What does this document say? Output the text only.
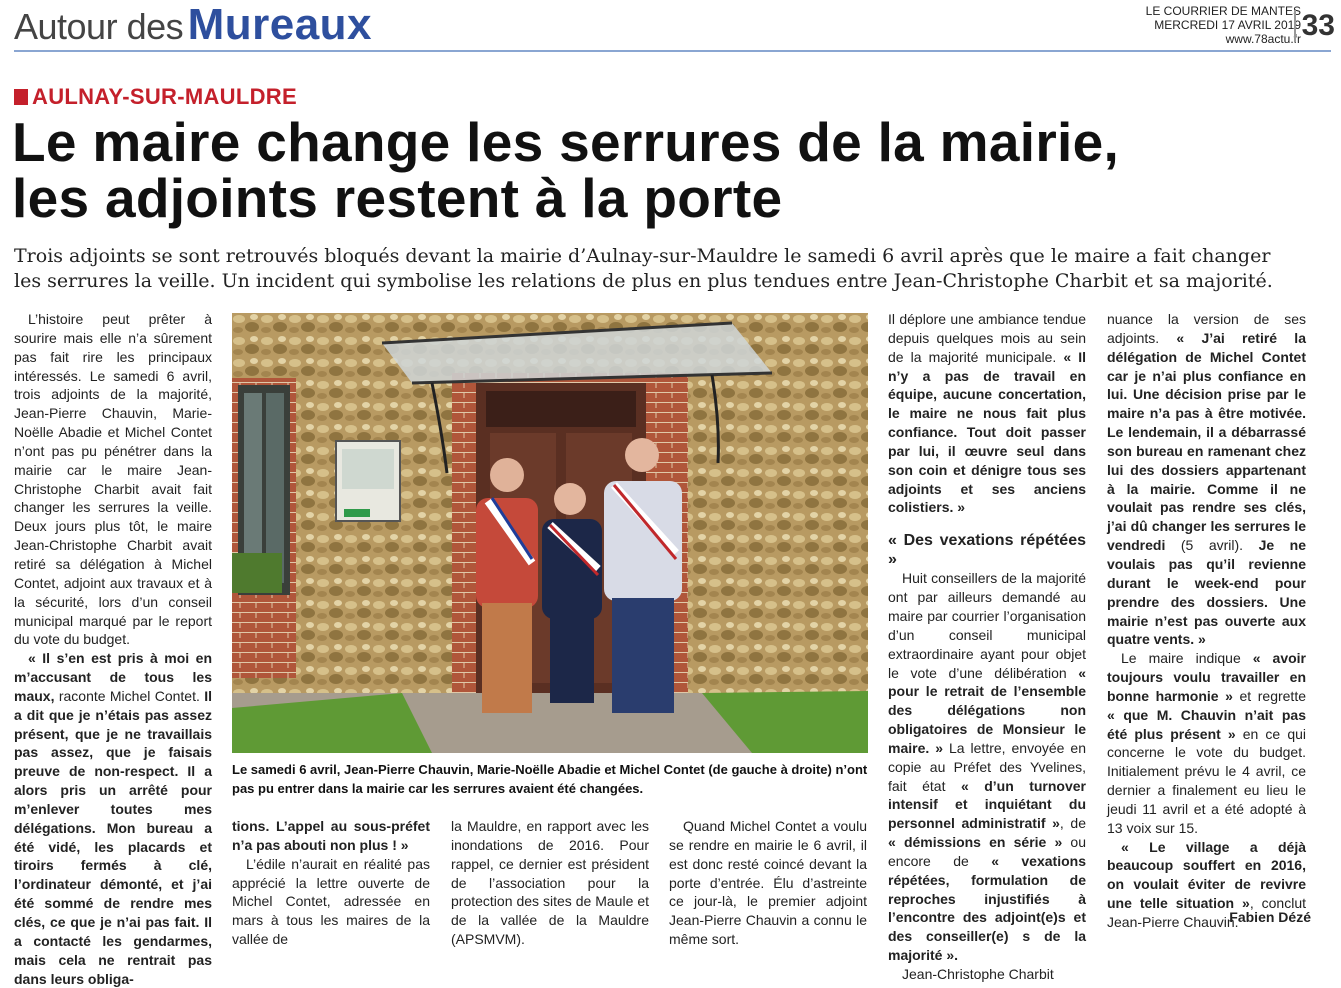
Autour des Mureaux	LE COURRIER DE MANTES
MERCREDI 17 AVRIL 2019
www.78actu.fr 33
AULNAY-SUR-MAULDRE
Le maire change les serrures de la mairie,
les adjoints restent à la porte
Trois adjoints se sont retrouvés bloqués devant la mairie d’Aulnay-sur-Mauldre le samedi 6 avril après que le maire a fait changer
les serrures la veille. Un incident qui symbolise les relations de plus en plus tendues entre Jean-Christophe Charbit et sa majorité.

L’histoire peut prêter à sourire mais elle n’a sûrement pas fait rire les principaux intéressés. Le samedi 6 avril, trois adjoints de la majorité, Jean-Pierre Chauvin, Marie-Noëlle Abadie et Michel Contet n’ont pas pu pénétrer dans la mairie car le maire Jean-Christophe Charbit avait fait changer les serrures la veille. Deux jours plus tôt, le maire Jean-Christophe Charbit avait retiré sa délégation à Michel Contet, adjoint aux travaux et à la sécurité, lors d’un conseil municipal marqué par le report du vote du budget.

« Il s’en est pris à moi en m’accusant de tous les maux, raconte Michel Contet. Il a dit que je n’étais pas assez présent, que je ne travaillais pas assez, que je faisais preuve de non-respect. Il a alors pris un arrêté pour m’enlever toutes mes délégations. Mon bureau a été vidé, les placards et tiroirs fermés à clé, l’ordinateur démonté, et j’ai été sommé de rendre mes clés, ce que je n’ai pas fait. Il a contacté les gendarmes, mais cela ne rentrait pas dans leurs obliga-

Le samedi 6 avril, Jean-Pierre Chauvin, Marie-Noëlle Abadie et Michel Contet (de gauche à droite) n’ont pas pu entrer dans la mairie car les serrures avaient été changées.

tions. L’appel au sous-préfet n’a pas abouti non plus ! »

L’édile n’aurait en réalité pas apprécié la lettre ouverte de Michel Contet, adressée en mars à tous les maires de la vallée de

la Mauldre, en rapport avec les inondations de 2016. Pour rappel, ce dernier est président de l’association pour la protection des sites de Maule et de la vallée de la Mauldre (APSMVM).

Quand Michel Contet a voulu se rendre en mairie le 6 avril, il est donc resté coincé devant la porte d’entrée. Élu d’astreinte ce jour-là, le premier adjoint Jean-Pierre Chauvin a connu le même sort.

Il déplore une ambiance tendue depuis quelques mois au sein de la majorité municipale. « Il n’y a pas de travail en équipe, aucune concertation, le maire ne nous fait plus confiance. Tout doit passer par lui, il œuvre seul dans son coin et dénigre tous ses adjoints et ses anciens colistiers. »

« Des vexations répétées »

Huit conseillers de la majorité ont par ailleurs demandé au maire par courrier l’organisation d’un conseil municipal extraordinaire ayant pour objet le vote d’une délibération « pour le retrait de l’ensemble des délégations non obligatoires de Monsieur le maire. » La lettre, envoyée en copie au Préfet des Yvelines, fait état « d’un turnover intensif et inquiétant du personnel administratif », de « démissions en série » ou encore de « vexations répétées, formulation de reproches injustifiés à l’encontre des adjoint(e)s et des conseiller(e) s de la majorité ».

Jean-Christophe Charbit

nuance la version de ses adjoints. « J’ai retiré la délégation de Michel Contet car je n’ai plus confiance en lui. Une décision prise par le maire n’a pas à être motivée. Le lendemain, il a débarrassé son bureau en ramenant chez lui des dossiers appartenant à la mairie. Comme il ne voulait pas rendre ses clés, j’ai dû changer les serrures le vendredi (5 avril). Je ne voulais pas qu’il revienne durant le week-end pour prendre des dossiers. Une mairie n’est pas ouverte aux quatre vents. »

Le maire indique « avoir toujours voulu travailler en bonne harmonie » et regrette « que M. Chauvin n’ait pas été plus présent » en ce qui concerne le vote du budget. Initialement prévu le 4 avril, ce dernier a finalement eu lieu le jeudi 11 avril et a été adopté à 13 voix sur 15.

« Le village a déjà beaucoup souffert en 2016, on voulait éviter de revivre une telle situation », conclut Jean-Pierre Chauvin.

Fabien Dézé
